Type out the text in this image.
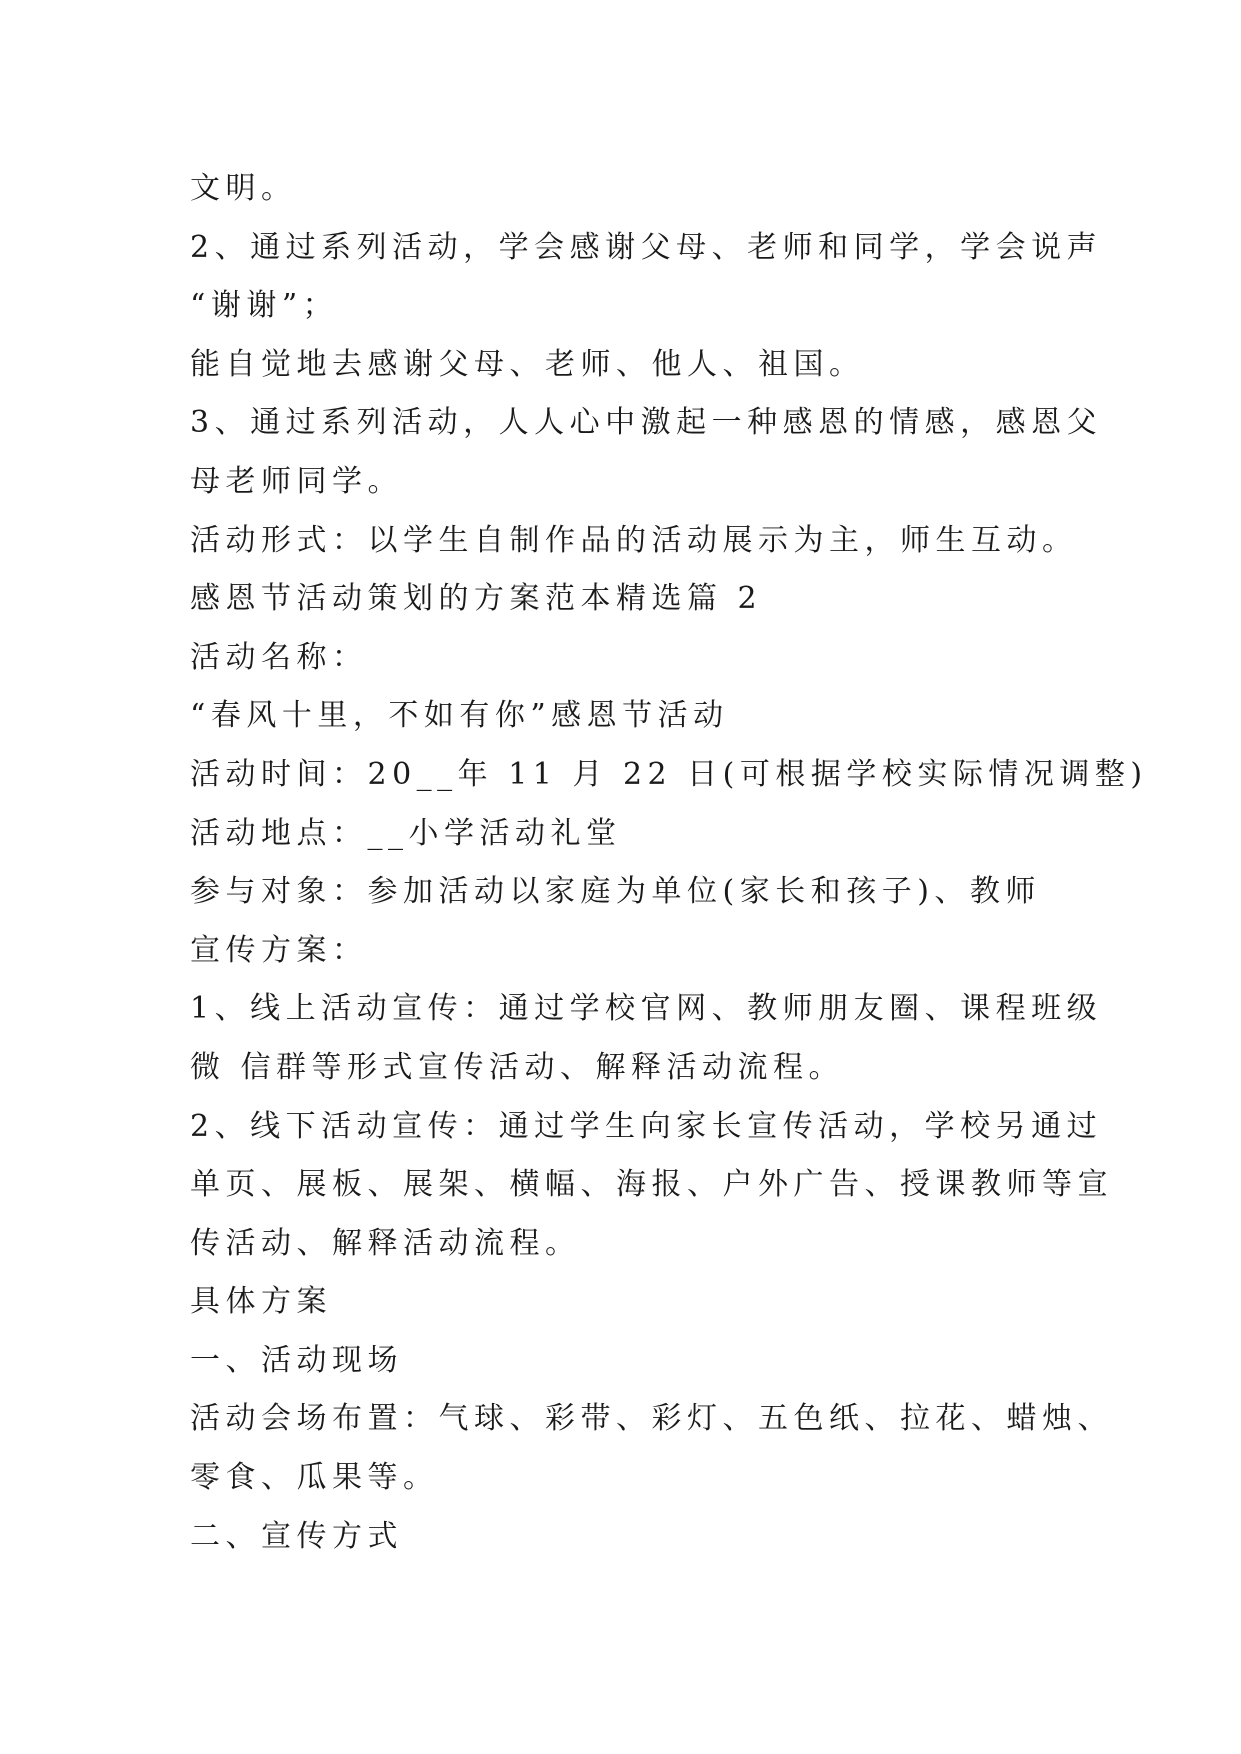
文明。

2、通过系列活动，学会感谢父母、老师和同学，学会说声

“谢谢”；

能自觉地去感谢父母、老师、他人、祖国。

3、通过系列活动，人人心中激起一种感恩的情感，感恩父

母老师同学。

活动形式：以学生自制作品的活动展示为主，师生互动。

感恩节活动策划的方案范本精选篇 2

活动名称：

“春风十里，不如有你”感恩节活动

活动时间：20__年 11 月 22 日(可根据学校实际情况调整)

活动地点：__小学活动礼堂

参与对象：参加活动以家庭为单位(家长和孩子)、教师

宣传方案：

1、线上活动宣传：通过学校官网、教师朋友圈、课程班级

微 信群等形式宣传活动、解释活动流程。

2、线下活动宣传：通过学生向家长宣传活动，学校另通过

单页、展板、展架、横幅、海报、户外广告、授课教师等宣

传活动、解释活动流程。

具体方案

一、活动现场

活动会场布置：气球、彩带、彩灯、五色纸、拉花、蜡烛、

零食、瓜果等。

二、宣传方式
